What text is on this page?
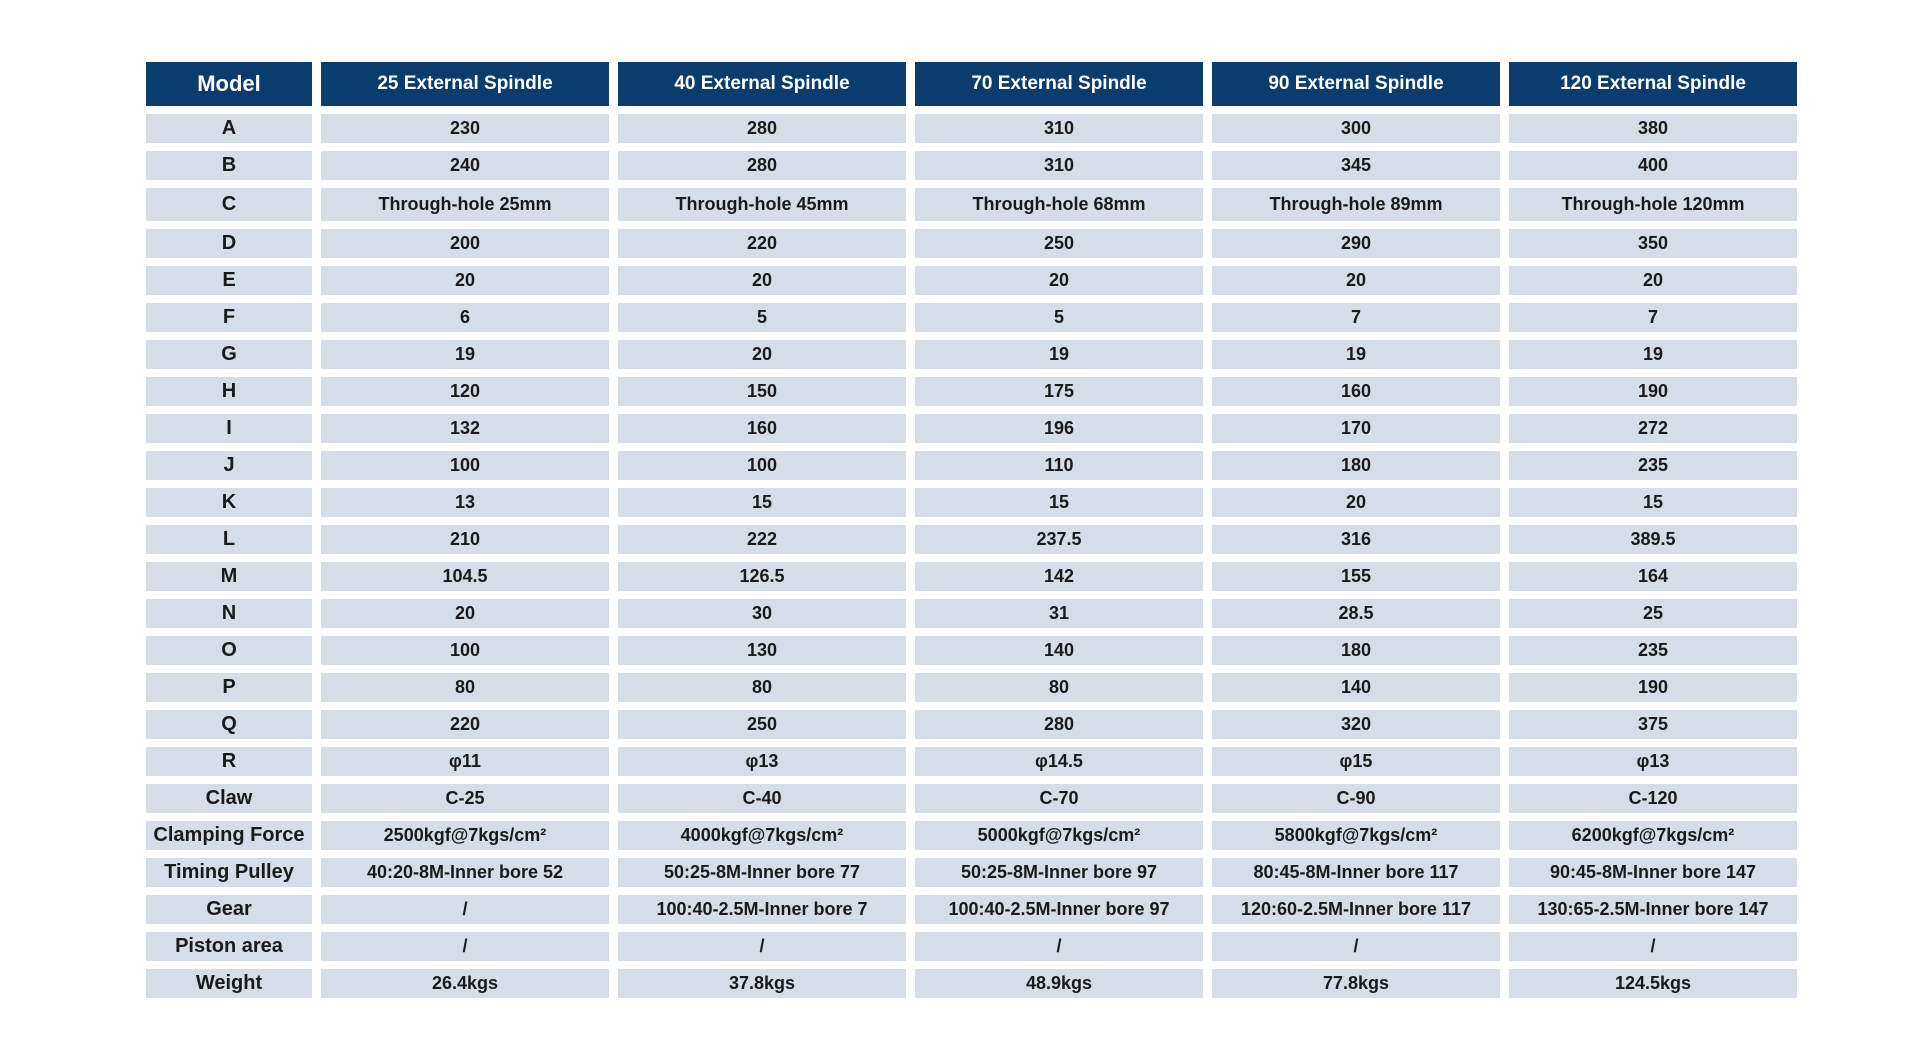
Model	25 External Spindle	40 External Spindle	70 External Spindle	90 External Spindle	120 External Spindle
A	230	280	310	300	380
B	240	280	310	345	400
C	Through-hole 25mm	Through-hole 45mm	Through-hole 68mm	Through-hole 89mm	Through-hole 120mm
D	200	220	250	290	350
E	20	20	20	20	20
F	6	5	5	7	7
G	19	20	19	19	19
H	120	150	175	160	190
I	132	160	196	170	272
J	100	100	110	180	235
K	13	15	15	20	15
L	210	222	237.5	316	389.5
M	104.5	126.5	142	155	164
N	20	30	31	28.5	25
O	100	130	140	180	235
P	80	80	80	140	190
Q	220	250	280	320	375
R	φ11	φ13	φ14.5	φ15	φ13
Claw	C-25	C-40	C-70	C-90	C-120
Clamping Force	2500kgf@7kgs/cm²	4000kgf@7kgs/cm²	5000kgf@7kgs/cm²	5800kgf@7kgs/cm²	6200kgf@7kgs/cm²
Timing Pulley	40:20-8M-Inner bore 52	50:25-8M-Inner bore 77	50:25-8M-Inner bore 97	80:45-8M-Inner bore 117	90:45-8M-Inner bore 147
Gear	/	100:40-2.5M-Inner bore 7	100:40-2.5M-Inner bore 97	120:60-2.5M-Inner bore 117	130:65-2.5M-Inner bore 147
Piston area	/	/	/	/	/
Weight	26.4kgs	37.8kgs	48.9kgs	77.8kgs	124.5kgs
